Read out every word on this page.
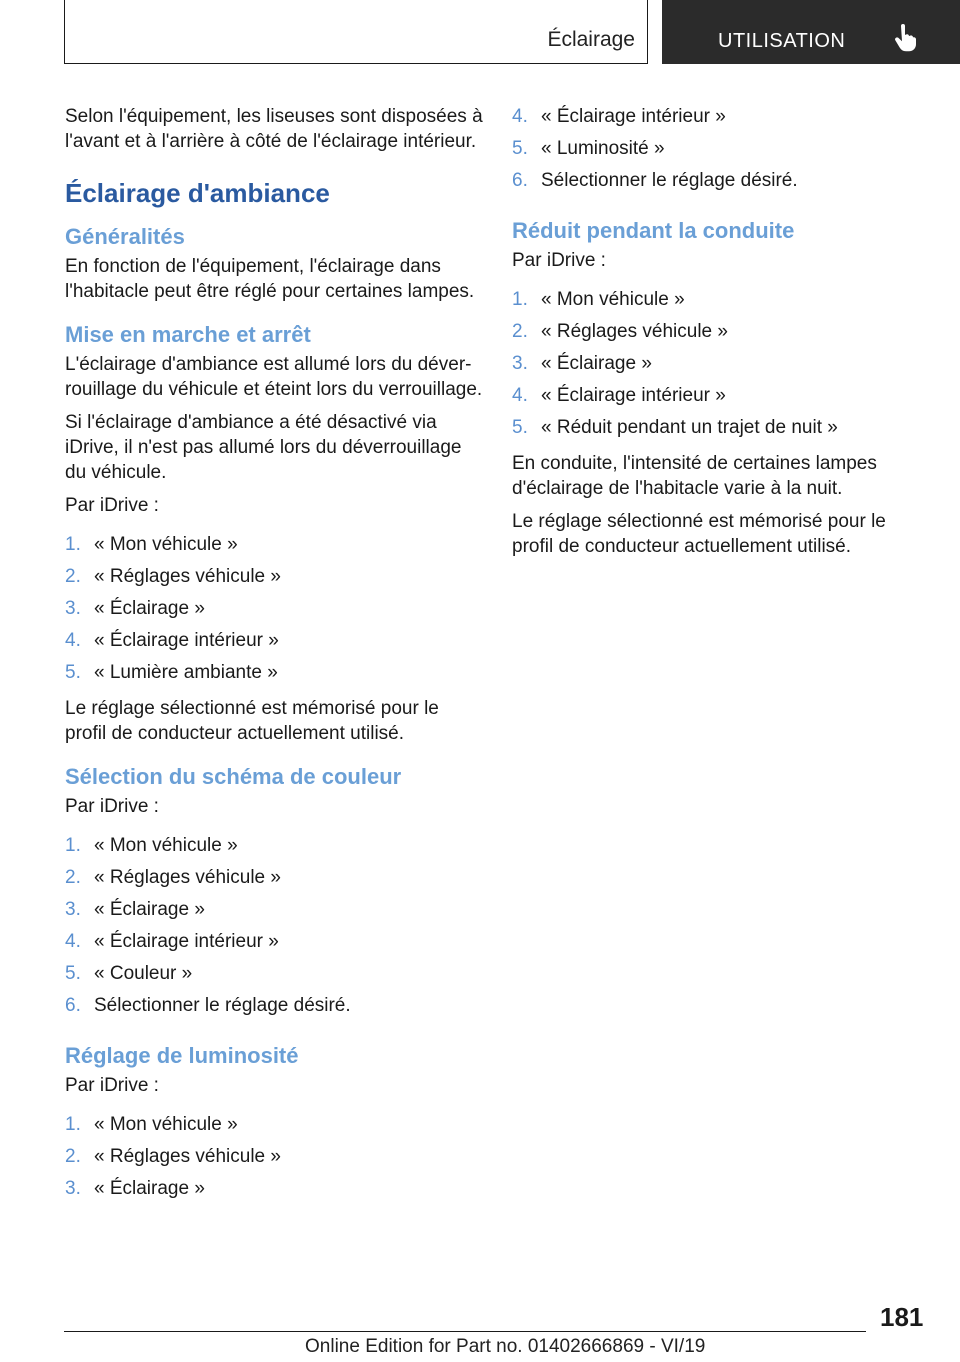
Éclairage	UTILISATION

Selon l'équipement, les liseuses sont disposées à l'avant et à l'arrière à côté de l'éclairage intérieur.

Éclairage d'ambiance
Généralités

En fonction de l'équipement, l'éclairage dans l'habitacle peut être réglé pour certaines lampes.

Mise en marche et arrêt

L'éclairage d'ambiance est allumé lors du déverrouillage du véhicule et éteint lors du verrouillage.

Si l'éclairage d'ambiance a été désactivé via iDrive, il n'est pas allumé lors du déverrouillage du véhicule.

Par iDrive :

1. « Mon véhicule »
2. « Réglages véhicule »
3. « Éclairage »
4. « Éclairage intérieur »
5. « Lumière ambiante »

Le réglage sélectionné est mémorisé pour le profil de conducteur actuellement utilisé.

Sélection du schéma de couleur

Par iDrive :

1. « Mon véhicule »
2. « Réglages véhicule »
3. « Éclairage »
4. « Éclairage intérieur »
5. « Couleur »
6. Sélectionner le réglage désiré.
Réglage de luminosité

Par iDrive :

1. « Mon véhicule »
2. « Réglages véhicule »
3. « Éclairage »
4. « Éclairage intérieur »
5. « Luminosité »
6. Sélectionner le réglage désiré.
Réduit pendant la conduite

Par iDrive :

1. « Mon véhicule »
2. « Réglages véhicule »
3. « Éclairage »
4. « Éclairage intérieur »
5. « Réduit pendant un trajet de nuit »

En conduite, l'intensité de certaines lampes d'éclairage de l'habitacle varie à la nuit.

Le réglage sélectionné est mémorisé pour le profil de conducteur actuellement utilisé.

181
Online Edition for Part no. 01402666869 - VI/19
